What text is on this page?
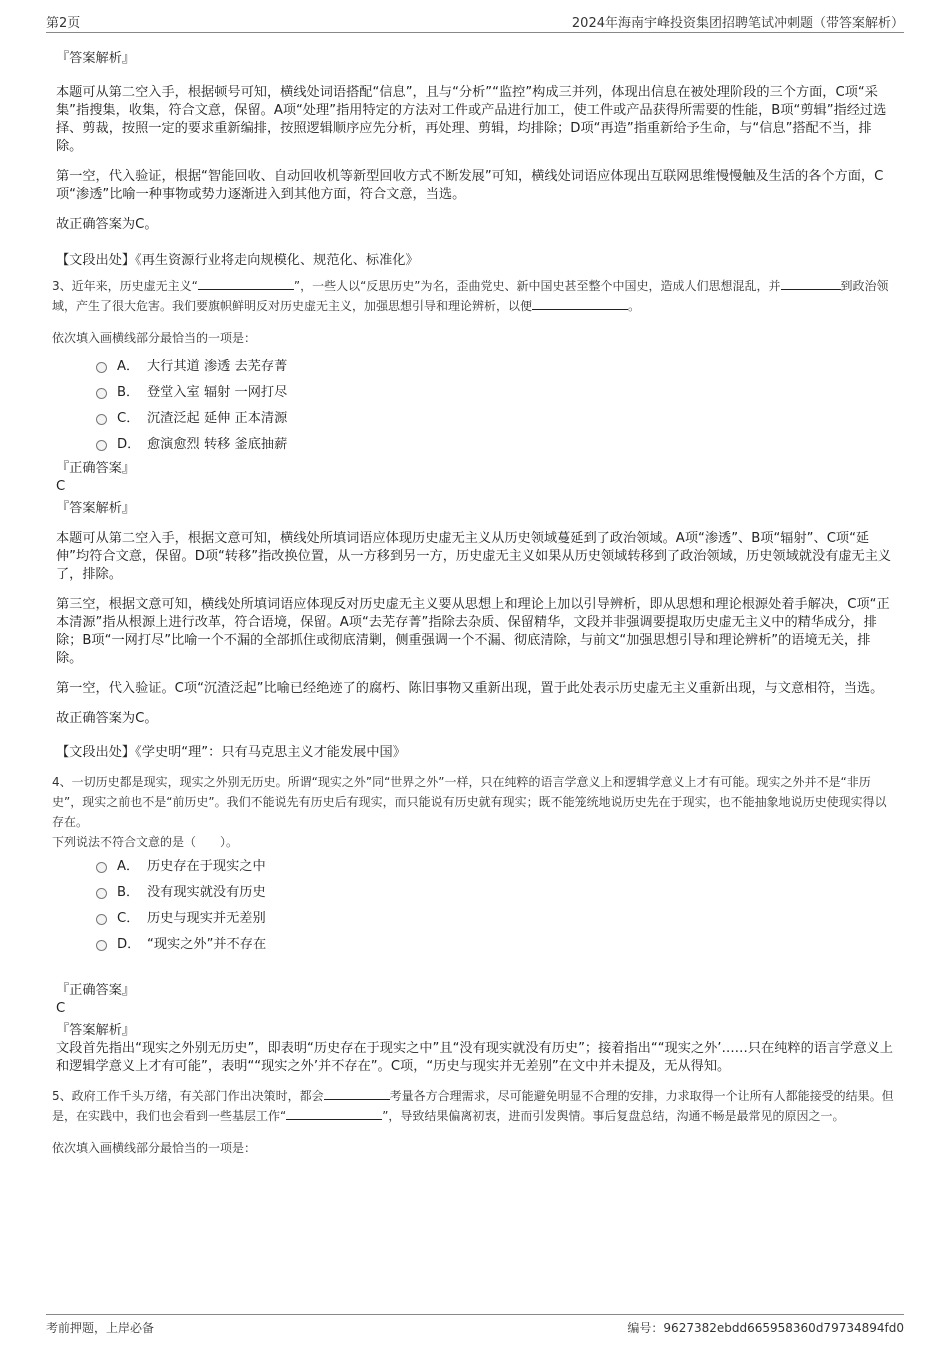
第2页	2024年海南宇峰投资集团招聘笔试冲刺题（带答案解析）

『答案解析』

本题可从第二空入手，根据顿号可知，横线处词语搭配“信息”，且与“分析”“监控”构成三并列，体现出信息在被处理阶段的三个方面，C项“采集”指搜集，收集，符合文意，保留。A项“处理”指用特定的方法对工件或产品进行加工，使工件或产品获得所需要的性能，B项“剪辑”指经过选择、剪裁，按照一定的要求重新编排，按照逻辑顺序应先分析，再处理、剪辑，均排除；D项“再造”指重新给予生命，与“信息”搭配不当，排除。

第一空，代入验证，根据“智能回收、自动回收机等新型回收方式不断发展”可知，横线处词语应体现出互联网思维慢慢触及生活的各个方面，C项“渗透”比喻一种事物或势力逐渐进入到其他方面，符合文意，当选。

故正确答案为C。

【文段出处】《再生资源行业将走向规模化、规范化、标准化》

3、近年来，历史虚无主义“	”，一些人以“反思历史”为名，歪曲党史、新中国史甚至整个中国史，造成人们思想混乱，并	到政治领域，产生了很大危害。我们要旗帜鲜明反对历史虚无主义，加强思想引导和理论辨析，以便	。

依次填入画横线部分最恰当的一项是：

A． 大行其道 渗透 去芜存菁
B． 登堂入室 辐射 一网打尽
C． 沉渣泛起 延伸 正本清源
D． 愈演愈烈 转移 釜底抽薪

『正确答案』

C

『答案解析』

本题可从第二空入手，根据文意可知，横线处所填词语应体现历史虚无主义从历史领域蔓延到了政治领域。A项“渗透”、B项“辐射”、C项“延伸”均符合文意，保留。D项“转移”指改换位置，从一方移到另一方，历史虚无主义如果从历史领域转移到了政治领域，历史领域就没有虚无主义了，排除。

第三空，根据文意可知，横线处所填词语应体现反对历史虚无主义要从思想上和理论上加以引导辨析，即从思想和理论根源处着手解决，C项“正本清源”指从根源上进行改革，符合语境，保留。A项“去芜存菁”指除去杂质、保留精华，文段并非强调要提取历史虚无主义中的精华成分，排除；B项“一网打尽”比喻一个不漏的全部抓住或彻底清剿，侧重强调一个不漏、彻底清除，与前文“加强思想引导和理论辨析”的语境无关，排除。

第一空，代入验证。C项“沉渣泛起”比喻已经绝迹了的腐朽、陈旧事物又重新出现，置于此处表示历史虚无主义重新出现，与文意相符，当选。

故正确答案为C。

【文段出处】《学史明“理”：只有马克思主义才能发展中国》

4、一切历史都是现实，现实之外别无历史。所谓“现实之外”同“世界之外”一样，只在纯粹的语言学意义上和逻辑学意义上才有可能。现实之外并不是“非历史”，现实之前也不是“前历史”。我们不能说先有历史后有现实，而只能说有历史就有现实；既不能笼统地说历史先在于现实，也不能抽象地说历史使现实得以存在。

下列说法不符合文意的是（　　）。

A． 历史存在于现实之中
B． 没有现实就没有历史
C． 历史与现实并无差别
D． “现实之外”并不存在

『正确答案』

C

『答案解析』

文段首先指出“现实之外别无历史”，即表明“历史存在于现实之中”且“没有现实就没有历史”；接着指出““现实之外’……只在纯粹的语言学意义上和逻辑学意义上才有可能”，表明““现实之外’并不存在”。C项，“历史与现实并无差别”在文中并未提及，无从得知。

5、政府工作千头万绪，有关部门作出决策时，都会	考量各方合理需求，尽可能避免明显不合理的安排，力求取得一个让所有人都能接受的结果。但是，在实践中，我们也会看到一些基层工作“	”，导致结果偏离初衷，进而引发舆情。事后复盘总结，沟通不畅是最常见的原因之一。

依次填入画横线部分最恰当的一项是：

考前押题，上岸必备	编号：9627382ebdd665958360d79734894fd0
